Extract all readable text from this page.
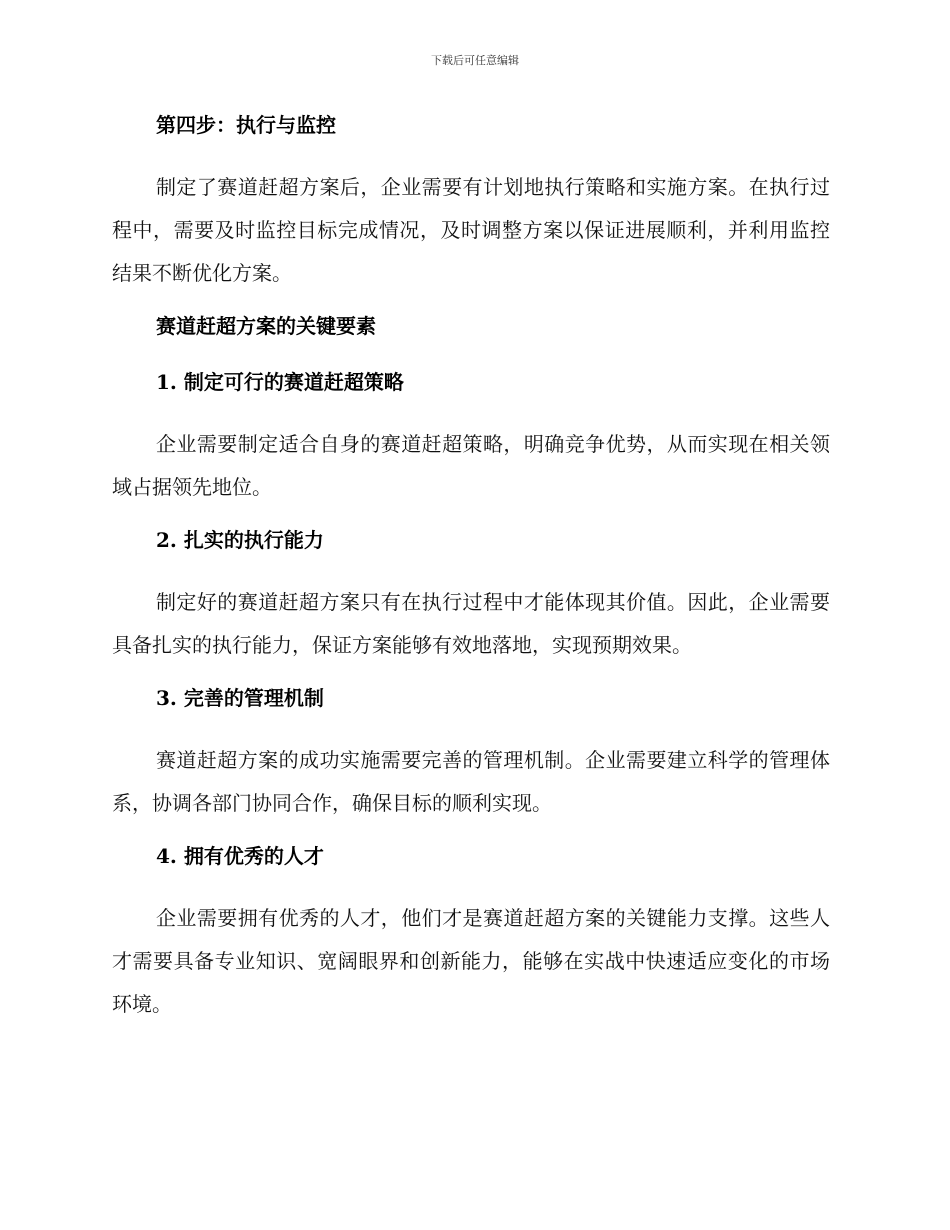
下载后可任意编辑
第四步：执行与监控

制定了赛道赶超方案后，企业需要有计划地执行策略和实施方案。在执行过程中，需要及时监控目标完成情况，及时调整方案以保证进展顺利，并利用监控结果不断优化方案。

赛道赶超方案的关键要素
1. 制定可行的赛道赶超策略

企业需要制定适合自身的赛道赶超策略，明确竞争优势，从而实现在相关领域占据领先地位。

2. 扎实的执行能力

制定好的赛道赶超方案只有在执行过程中才能体现其价值。因此，企业需要具备扎实的执行能力，保证方案能够有效地落地，实现预期效果。

3. 完善的管理机制

赛道赶超方案的成功实施需要完善的管理机制。企业需要建立科学的管理体系，协调各部门协同合作，确保目标的顺利实现。

4. 拥有优秀的人才

企业需要拥有优秀的人才，他们才是赛道赶超方案的关键能力支撑。这些人才需要具备专业知识、宽阔眼界和创新能力，能够在实战中快速适应变化的市场环境。
